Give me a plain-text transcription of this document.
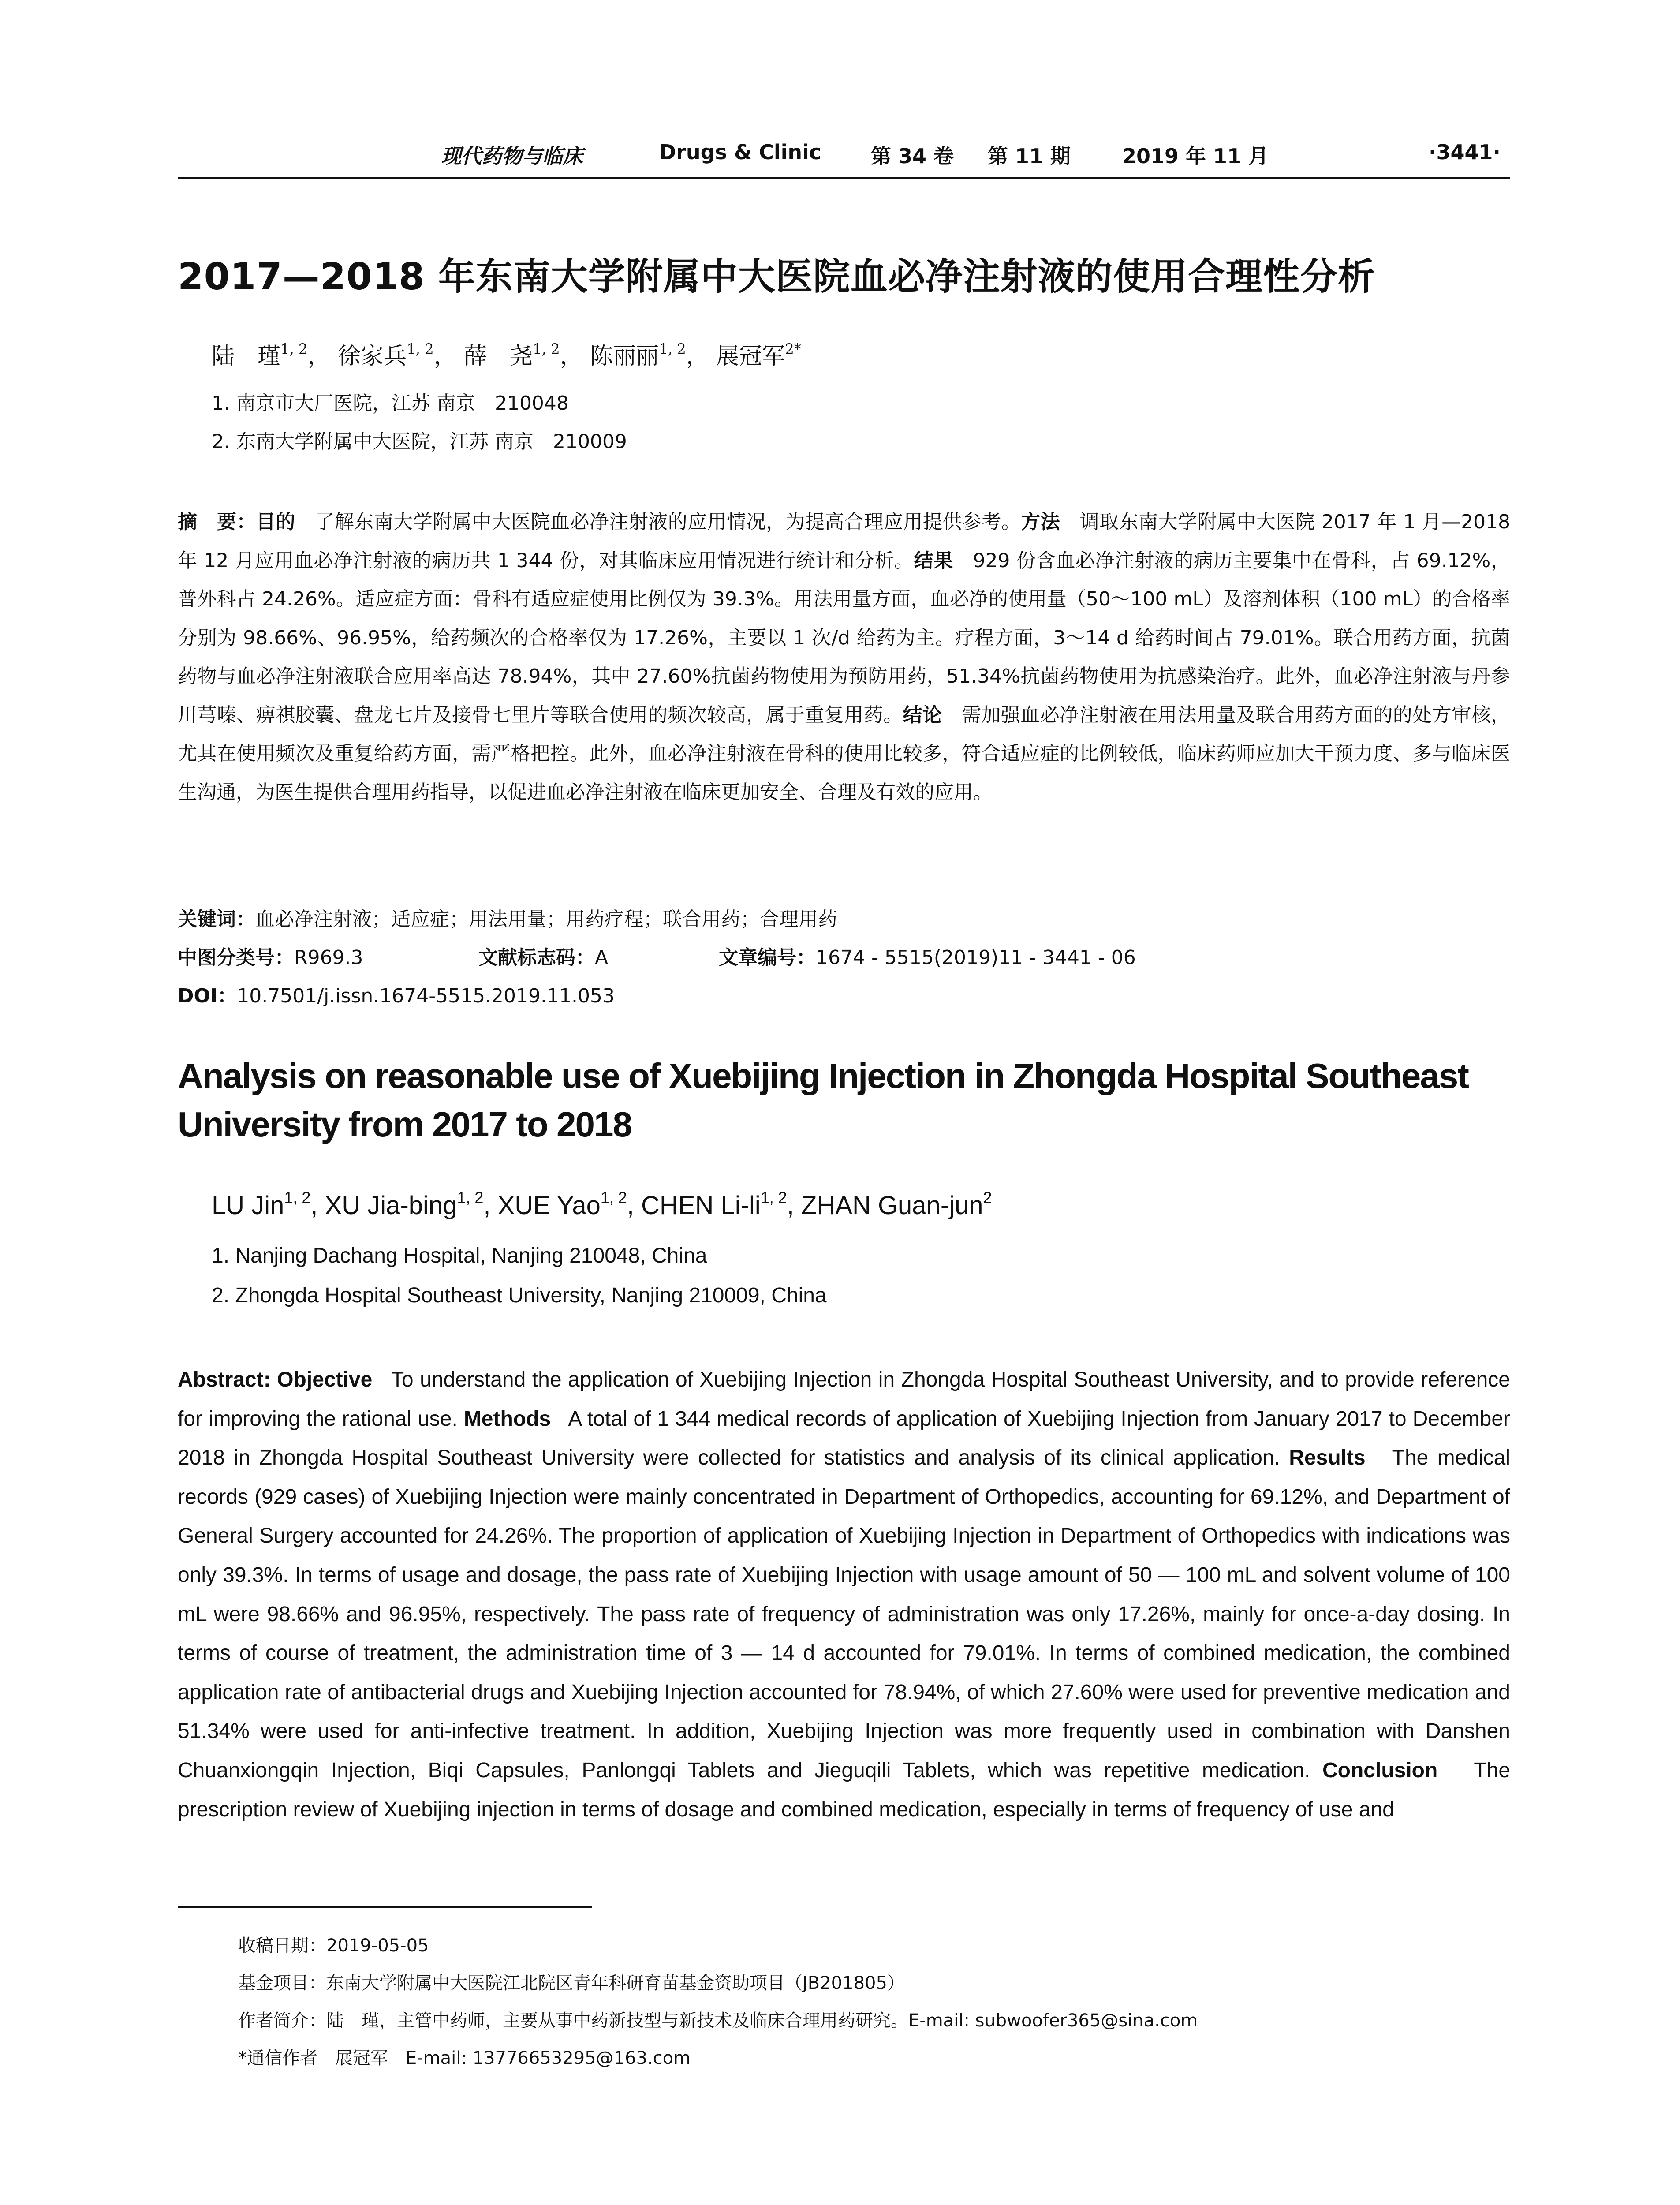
现代药物与临床	Drugs & Clinic 第 34 卷 第 11 期	2019 年 11 月	·3441·
2017—2018 年东南大学附属中大医院血必净注射液的使用合理性分析
陆　瑾$^{1, 2}$， 徐家兵$^{1, 2}$， 薛　尧$^{1, 2}$， 陈丽丽$^{1, 2}$， 展冠军$^{2*}$
1. 南京市大厂医院，江苏 南京　210048
2. 东南大学附属中大医院，江苏 南京　210009

摘　要：目的　 了解东南大学附属中大医院血必净注射液的应用情况，为提高合理应用提供参考。方法　 调取东南大学附属中大医院 2017 年 1 月—2018 年 12 月应用血必净注射液的病历共 1 344 份，对其临床应用情况进行统计和分析。结果　 929 份含血必净注射液的病历主要集中在骨科，占 69.12%，普外科占 24.26%。适应症方面：骨科有适应症使用比例仅为 39.3%。用法用量方面，血必净的使用量（50～100 mL）及溶剂体积（100 mL）的合格率分别为 98.66%、96.95%，给药频次的合格率仅为 17.26%，主要以 1 次/d 给药为主。疗程方面，3～14 d 给药时间占 79.01%。联合用药方面，抗菌药物与血必净注射液联合应用率高达 78.94%，其中 27.60%抗菌药物使用为预防用药，51.34%抗菌药物使用为抗感染治疗。此外，血必净注射液与丹参川芎嗪、痹祺胶囊、盘龙七片及接骨七里片等联合使用的频次较高，属于重复用药。结论　 需加强血必净注射液在用法用量及联合用药方面的的处方审核，尤其在使用频次及重复给药方面，需严格把控。此外，血必净注射液在骨科的使用比较多，符合适应症的比例较低，临床药师应加大干预力度、多与临床医生沟通，为医生提供合理用药指导，以促进血必净注射液在临床更加安全、合理及有效的应用。

关键词：血必净注射液；适应症；用法用量；用药疗程；联合用药；合理用药
中图分类号：R969.3	文献标志码：A	文章编号：1674 - 5515(2019)11 - 3441 - 06
DOI：10.7501/j.issn.1674-5515.2019.11.053
Analysis on reasonable use of Xuebijing Injection in Zhongda Hospital Southeast University from 2017 to 2018
LU Jin$^{1, 2}$, XU Jia-bing$^{1, 2}$, XUE Yao$^{1, 2}$, CHEN Li-li$^{1, 2}$, ZHAN Guan-jun$^2$
1. Nanjing Dachang Hospital, Nanjing 210048, China
2. Zhongda Hospital Southeast University, Nanjing 210009, China

Abstract: Objective To understand the application of Xuebijing Injection in Zhongda Hospital Southeast University, and to provide reference for improving the rational use. Methods A total of 1 344 medical records of application of Xuebijing Injection from January 2017 to December 2018 in Zhongda Hospital Southeast University were collected for statistics and analysis of its clinical application. Results The medical records (929 cases) of Xuebijing Injection were mainly concentrated in Department of Orthopedics, accounting for 69.12%, and Department of General Surgery accounted for 24.26%. The proportion of application of Xuebijing Injection in Department of Orthopedics with indications was only 39.3%. In terms of usage and dosage, the pass rate of Xuebijing Injection with usage amount of 50 — 100 mL and solvent volume of 100 mL were 98.66% and 96.95%, respectively. The pass rate of frequency of administration was only 17.26%, mainly for once-a-day dosing. In terms of course of treatment, the administration time of 3 — 14 d accounted for 79.01%. In terms of combined medication, the combined application rate of antibacterial drugs and Xuebijing Injection accounted for 78.94%, of which 27.60% were used for preventive medication and 51.34% were used for anti-infective treatment. In addition, Xuebijing Injection was more frequently used in combination with Danshen Chuanxiongqin Injection, Biqi Capsules, Panlongqi Tablets and Jieguqili Tablets, which was repetitive medication. Conclusion The prescription review of Xuebijing injection in terms of dosage and combined medication, especially in terms of frequency of use and

收稿日期：2019-05-05
基金项目：东南大学附属中大医院江北院区青年科研育苗基金资助项目（JB201805）
作者简介：陆　瑾，主管中药师，主要从事中药新技型与新技术及临床合理用药研究。E-mail: subwoofer365@sina.com
*通信作者　 展冠军　E-mail: 13776653295@163.com
